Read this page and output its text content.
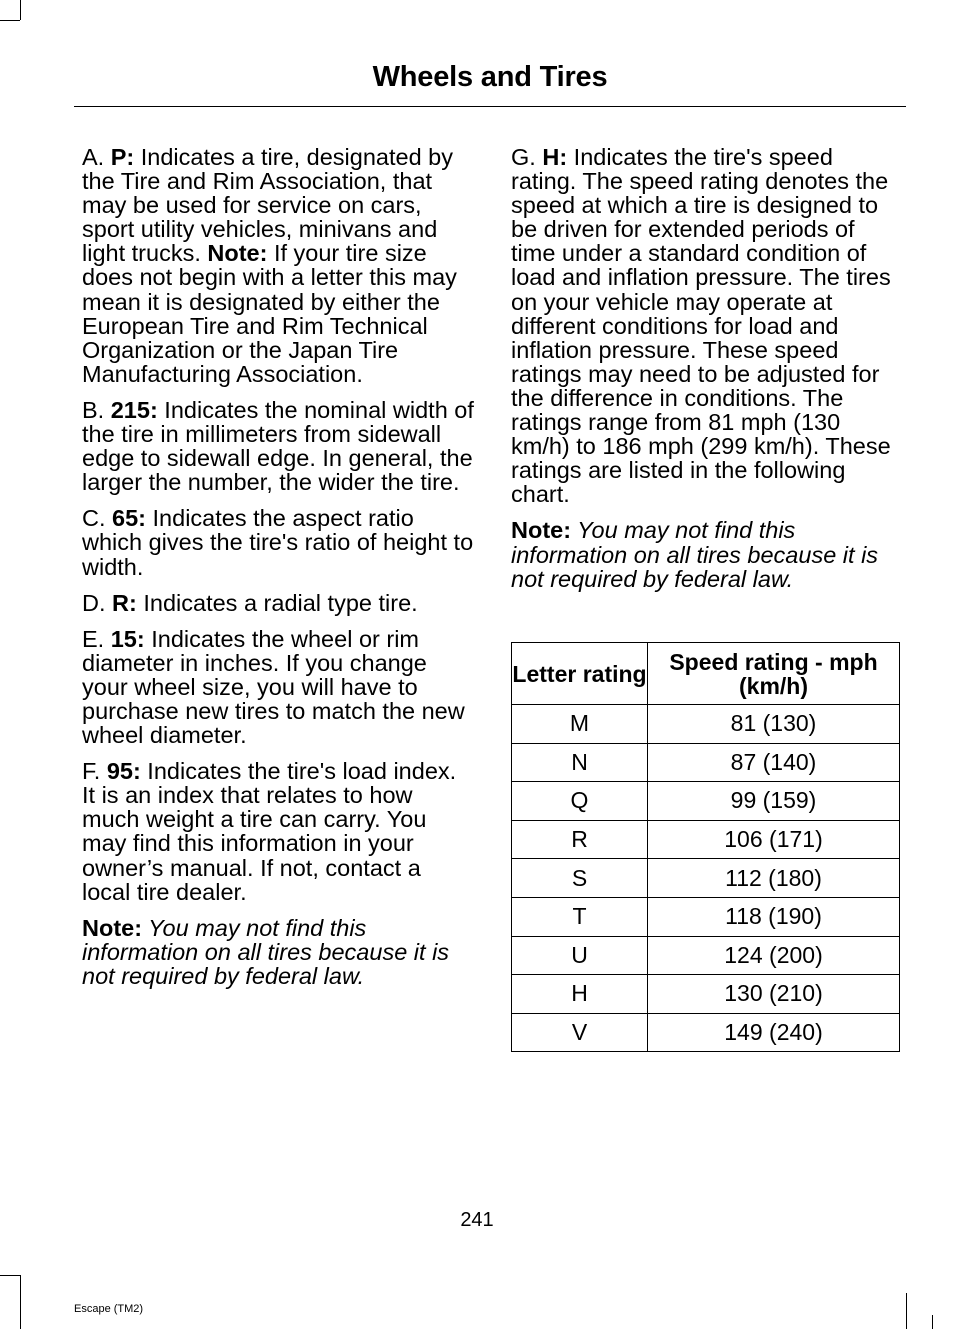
Wheels and Tires

A. P: Indicates a tire, designated by the Tire and Rim Association, that may be used for service on cars, sport utility vehicles, minivans and light trucks. Note: If your tire size does not begin with a letter this may mean it is designated by either the European Tire and Rim Technical Organization or the Japan Tire Manufacturing Association.

B. 215: Indicates the nominal width of the tire in millimeters from sidewall edge to sidewall edge. In general, the larger the number, the wider the tire.

C. 65: Indicates the aspect ratio which gives the tire's ratio of height to width.

D. R: Indicates a radial type tire.

E. 15: Indicates the wheel or rim diameter in inches. If you change your wheel size, you will have to purchase new tires to match the new wheel diameter.

F. 95: Indicates the tire's load index. It is an index that relates to how much weight a tire can carry. You may find this information in your owner’s manual. If not, contact a local tire dealer.

Note: You may not find this information on all tires because it is not required by federal law.

G. H: Indicates the tire's speed rating. The speed rating denotes the speed at which a tire is designed to be driven for extended periods of time under a standard condition of load and inflation pressure. The tires on your vehicle may operate at different conditions for load and inflation pressure. These speed ratings may need to be adjusted for the difference in conditions. The ratings range from 81 mph (130 km/h) to 186 mph (299 km/h). These ratings are listed in the following chart.

Note: You may not find this information on all tires because it is not required by federal law.

Letter rating	Speed rating - mph (km/h)
M	81 (130)
N	87 (140)
Q	99 (159)
R	106 (171)
S	112 (180)
T	118 (190)
U	124 (200)
H	130 (210)
V	149 (240)
241
Escape (TM2)
